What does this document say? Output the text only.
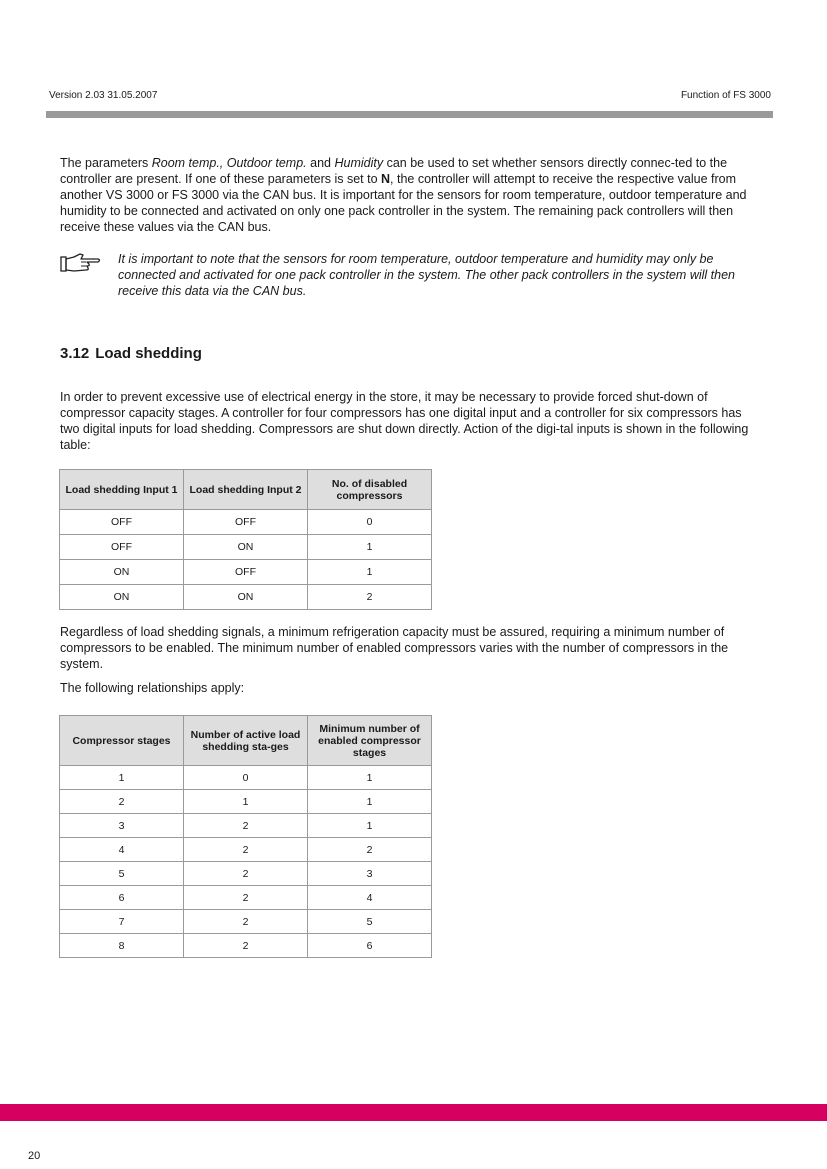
Version 2.03 31.05.2007	Function of FS 3000

The parameters Room temp., Outdoor temp. and Humidity can be used to set whether sensors directly connec-ted to the controller are present. If one of these parameters is set to N, the controller will attempt to receive the respective value from another VS 3000 or FS 3000 via the CAN bus. It is important for the sensors for room temperature, outdoor temperature and humidity to be connected and activated on only one pack controller in the system. The remaining pack controllers will then receive these values via the CAN bus.

It is important to note that the sensors for room temperature, outdoor temperature and humidity may only be connected and activated for one pack controller in the system. The other pack controllers in the system will then receive this data via the CAN bus.

3.12 Load shedding

In order to prevent excessive use of electrical energy in the store, it may be necessary to provide forced shut-down of compressor capacity stages. A controller for four compressors has one digital input and a controller for six compressors has two digital inputs for load shedding. Compressors are shut down directly. Action of the digi-tal inputs is shown in the following table:

Load shedding Input 1	Load shedding Input 2	No. of disabled compressors
OFF	OFF	0
OFF	ON	1
ON	OFF	1
ON	ON	2

Regardless of load shedding signals, a minimum refrigeration capacity must be assured, requiring a minimum number of compressors to be enabled. The minimum number of enabled compressors varies with the number of compressors in the system.

The following relationships apply:

Compressor stages	Number of active load shedding sta-ges	Minimum number of enabled compressor stages
1	0	1
2	1	1
3	2	1
4	2	2
5	2	3
6	2	4
7	2	5
8	2	6
20
